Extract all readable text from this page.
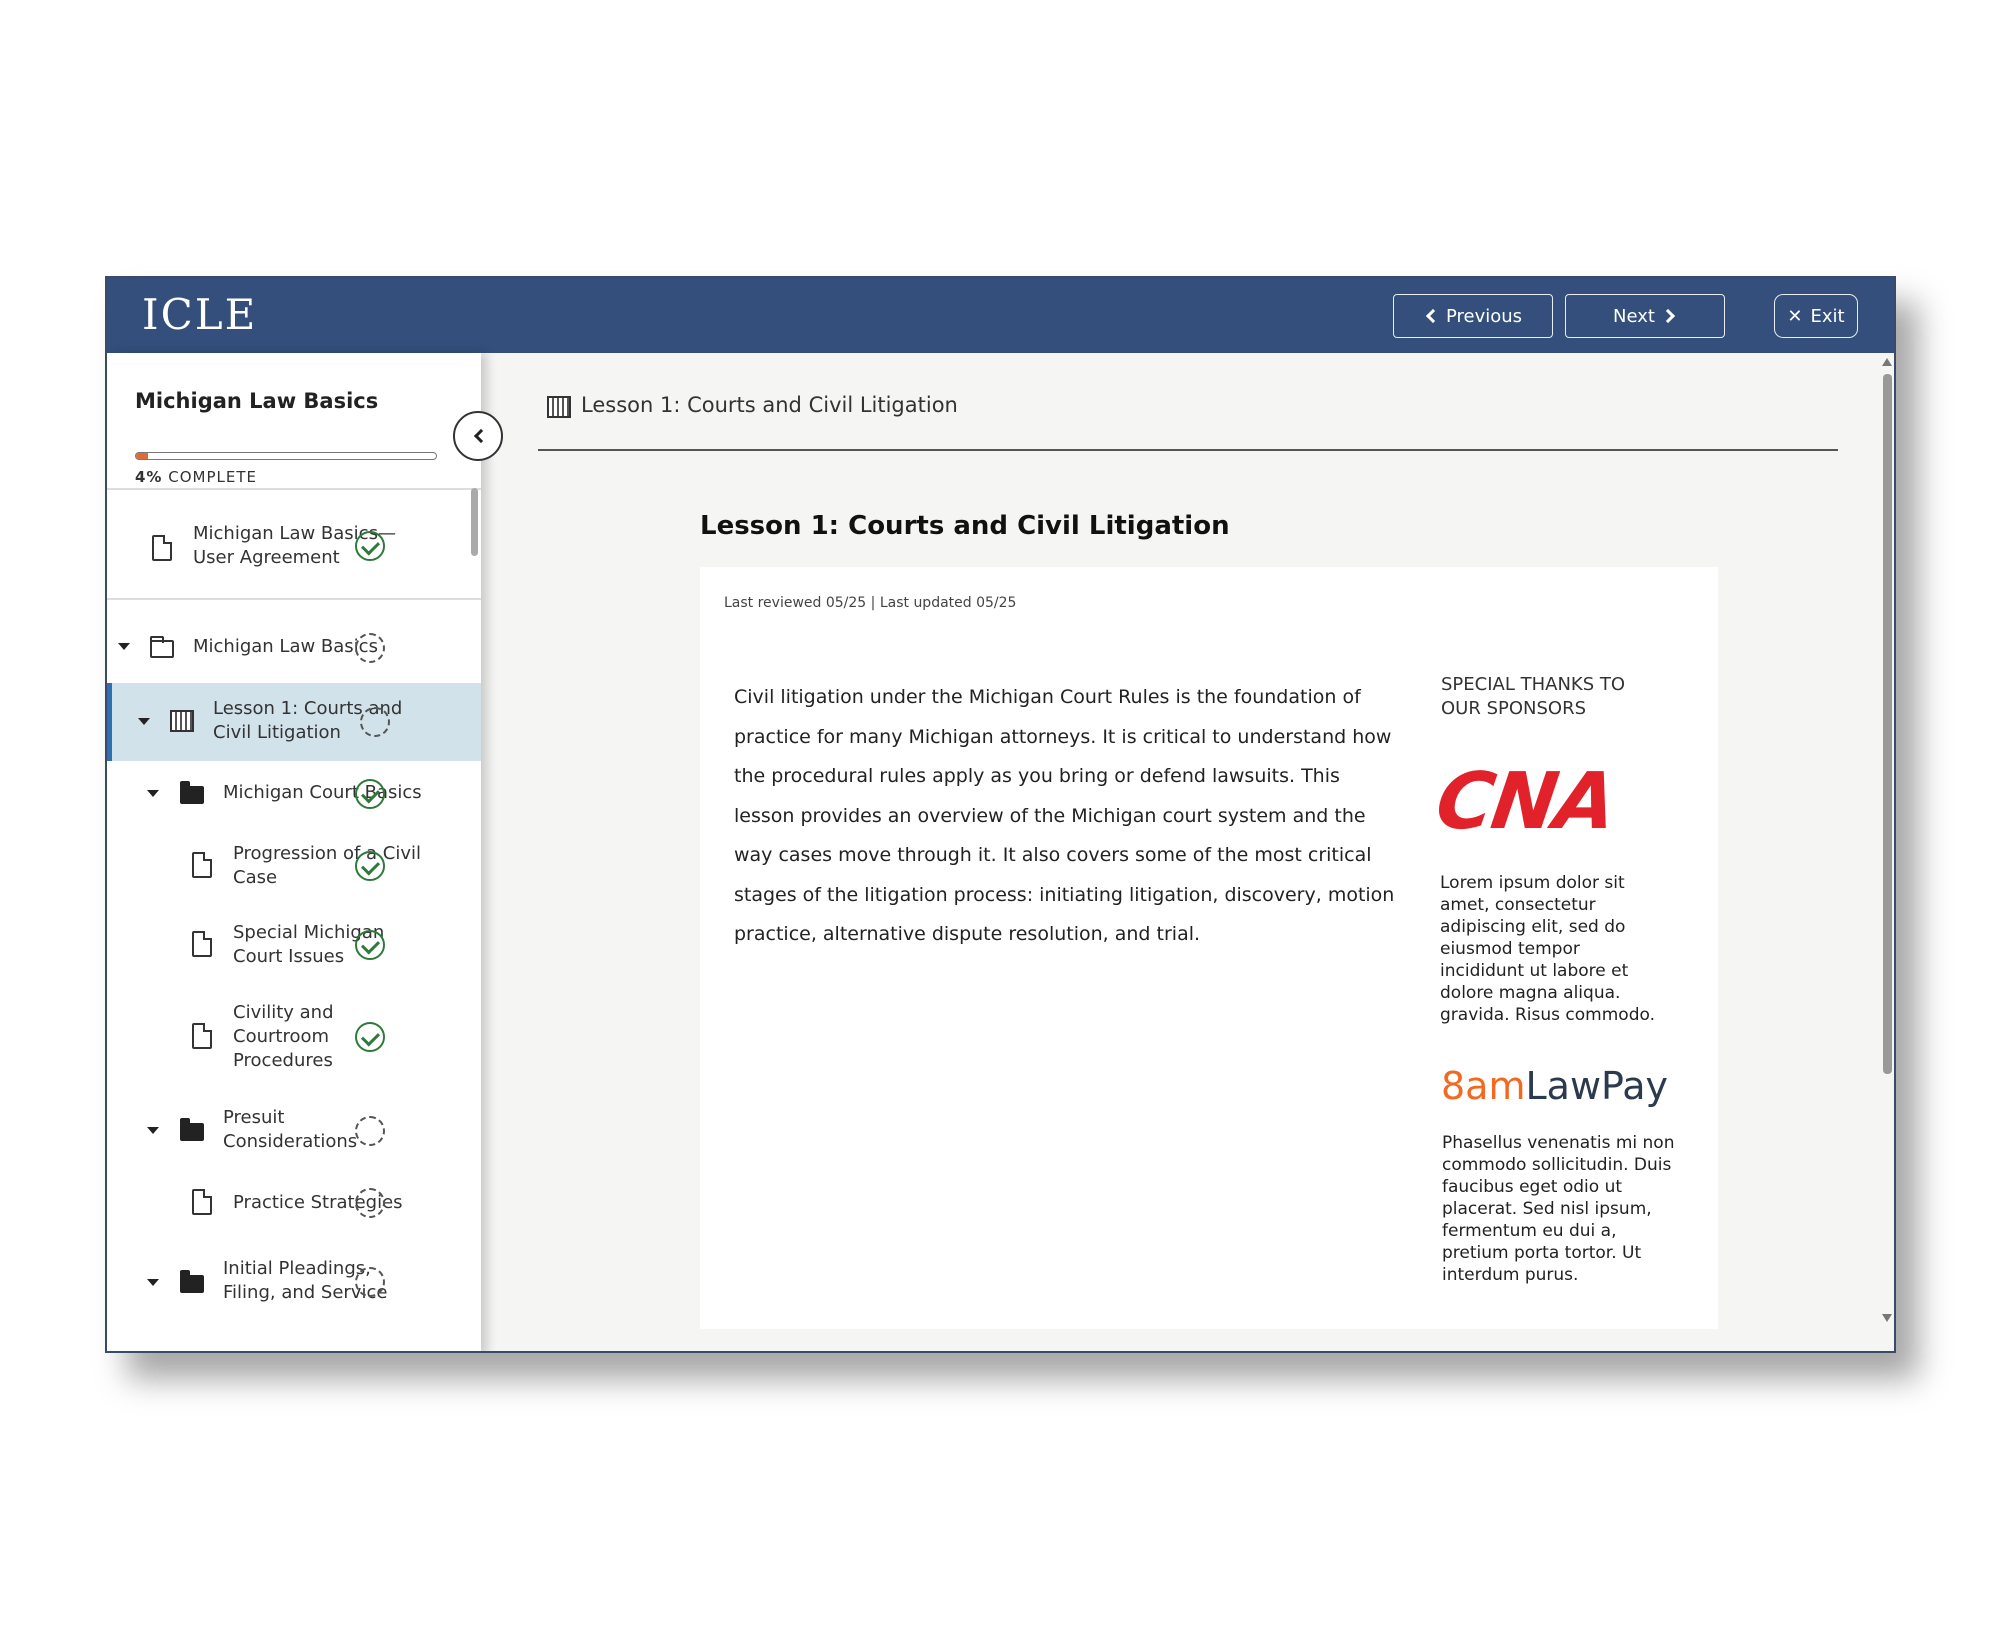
ICLE	Previous	Next	✕ Exit
Michigan Law Basics
4% COMPLETE
Michigan Law Basics—
User Agreement
Michigan Law Basics
Lesson 1: Courts and
Civil Litigation
Michigan Court Basics
Progression of a Civil
Case
Special Michigan
Court Issues
Civility and
Courtroom
Procedures
Presuit
Considerations
Practice Strategies
Initial Pleadings,
Filing, and Service
Lesson 1: Courts and Civil Litigation
Lesson 1: Courts and Civil Litigation
Last reviewed 05/25 | Last updated 05/25
Civil litigation under the Michigan Court Rules is the foundation of practice for many Michigan attorneys. It is critical to understand how the procedural rules apply as you bring or defend lawsuits. This lesson provides an overview of the Michigan court system and the way cases move through it. It also covers some of the most critical stages of the litigation process: initiating litigation, discovery, motion practice, alternative dispute resolution, and trial.
SPECIAL THANKS TO OUR SPONSORS
CNA
Lorem ipsum dolor sit amet, consectetur adipiscing elit, sed do eiusmod tempor incididunt ut labore et dolore magna aliqua. gravida. Risus commodo.
8amLawPay
Phasellus venenatis mi non commodo sollicitudin. Duis faucibus eget odio ut placerat. Sed nisl ipsum, fermentum eu dui a, pretium porta tortor. Ut interdum purus.
